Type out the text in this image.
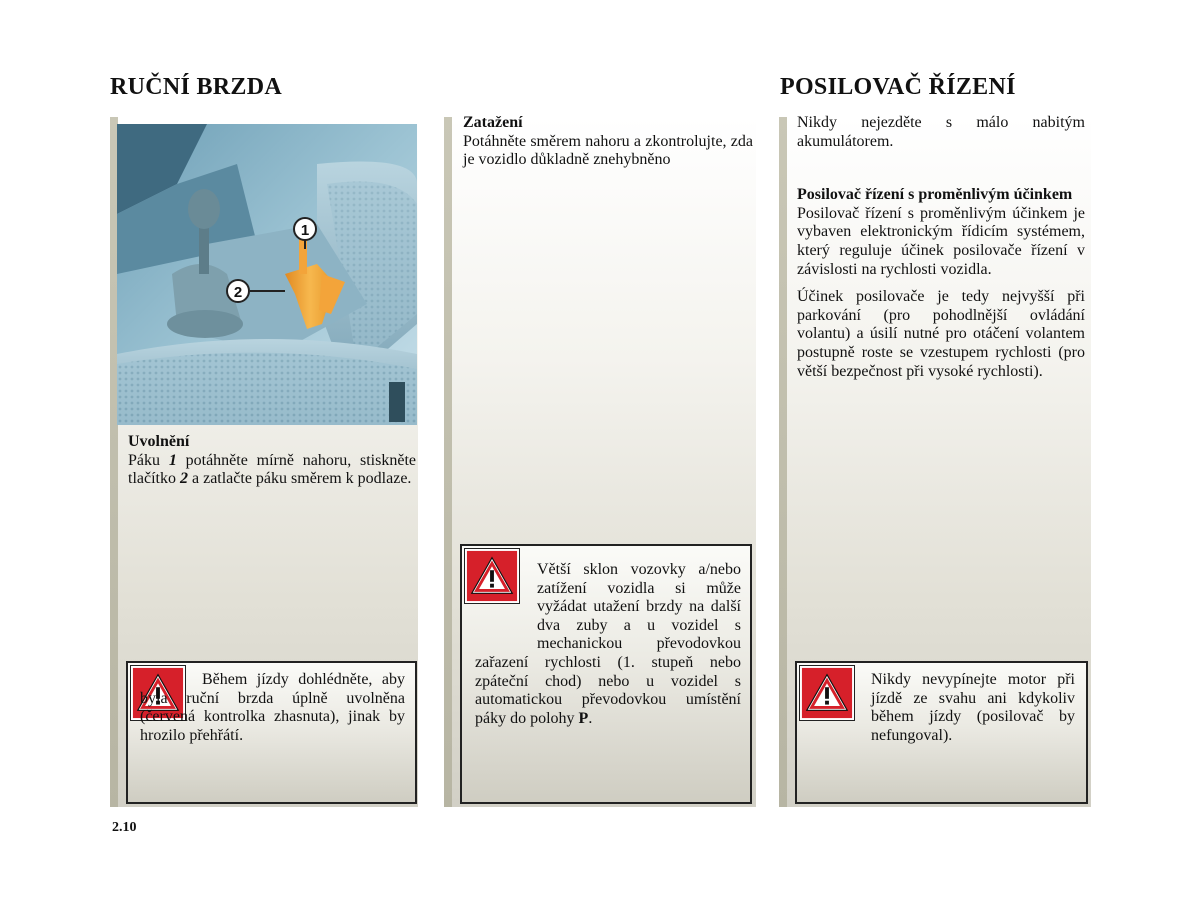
RUČNÍ BRZDA	POSILOVAČ ŘÍZENÍ
1
2

Uvolnění

Páku 1 potáhněte mírně nahoru, stiskněte tlačítko 2 a zatlačte páku směrem k podlaze.

Během jízdy dohlédněte, aby byla ruční brzda úplně uvolněna (červená kontrolka zhasnuta), jinak by hrozilo přehřátí.

Zatažení

Potáhněte směrem nahoru a zkontrolujte, zda je vozidlo důkladně znehybněno

Větší sklon vozovky a/nebo zatížení vozidla si může vyžádat utažení brzdy na další dva zuby a u vozidel s mechanickou převodovkou zařazení rychlosti (1. stupeň nebo zpáteční chod) nebo u vozidel s automatickou převodovkou umístění páky do polohy P.

Nikdy nejezděte s málo nabitým akumulátorem.

Posilovač řízení s proměnlivým účinkem

Posilovač řízení s proměnlivým účinkem je vybaven elektronickým řídicím systémem, který reguluje účinek posilovače řízení v závislosti na rychlosti vozidla.

Účinek posilovače je tedy nejvyšší při parkování (pro pohodlnější ovládání volantu) a úsilí nutné pro otáčení volantem postupně roste se vzestupem rychlosti (pro větší bezpečnost při vysoké rychlosti).

Nikdy nevypínejte motor při jízdě ze svahu ani kdykoliv během jízdy (posilovač by nefungoval).
2.10
